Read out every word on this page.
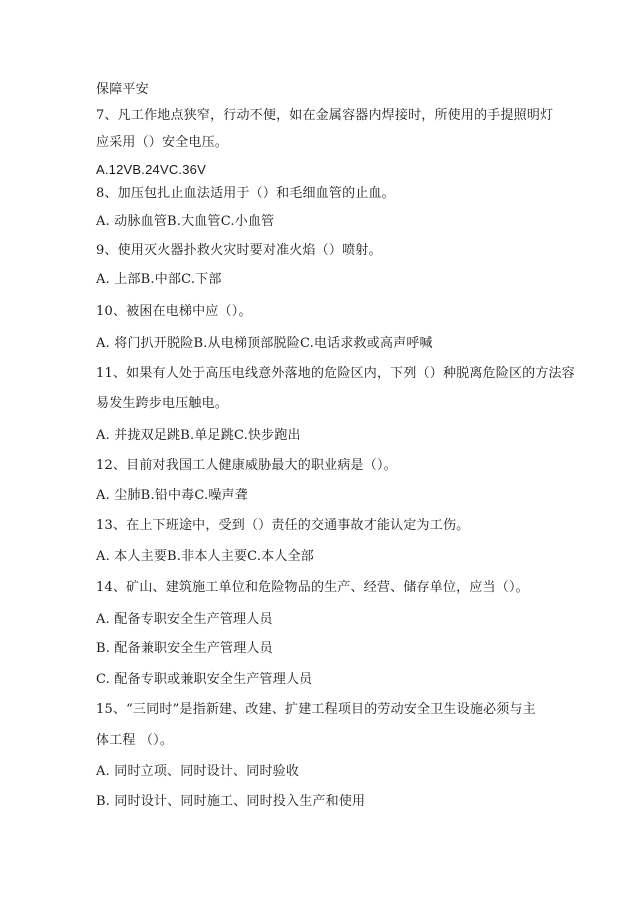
保障平安
7、凡工作地点狭窄，行动不便，如在金属容器内焊接时，所使用的手提照明灯
应采用（）安全电压。
A.12VB.24VC.36V
8、加压包扎止血法适用于（）和毛细血管的止血。
A. 动脉血管B.大血管C.小血管
9、使用灭火器扑救火灾时要对准火焰（）喷射。
A. 上部B.中部C.下部
10、被困在电梯中应（）。
A. 将门扒开脱险B.从电梯顶部脱险C.电话求救或高声呼喊
11、如果有人处于高压电线意外落地的危险区内，下列（）种脱离危险区的方法容
易发生跨步电压触电。
A. 并拢双足跳B.单足跳C.快步跑出
12、目前对我国工人健康威胁最大的职业病是（）。
A. 尘肺B.铅中毒C.噪声聋
13、在上下班途中，受到（）责任的交通事故才能认定为工伤。
A. 本人主要B.非本人主要C.本人全部
14、矿山、建筑施工单位和危险物品的生产、经营、储存单位，应当（）。
A. 配备专职安全生产管理人员
B. 配备兼职安全生产管理人员
C. 配备专职或兼职安全生产管理人员
15、“三同时”是指新建、改建、扩建工程项目的劳动安全卫生设施必须与主
体工程 （）。
A. 同时立项、同时设计、同时验收
B. 同时设计、同时施工、同时投入生产和使用
